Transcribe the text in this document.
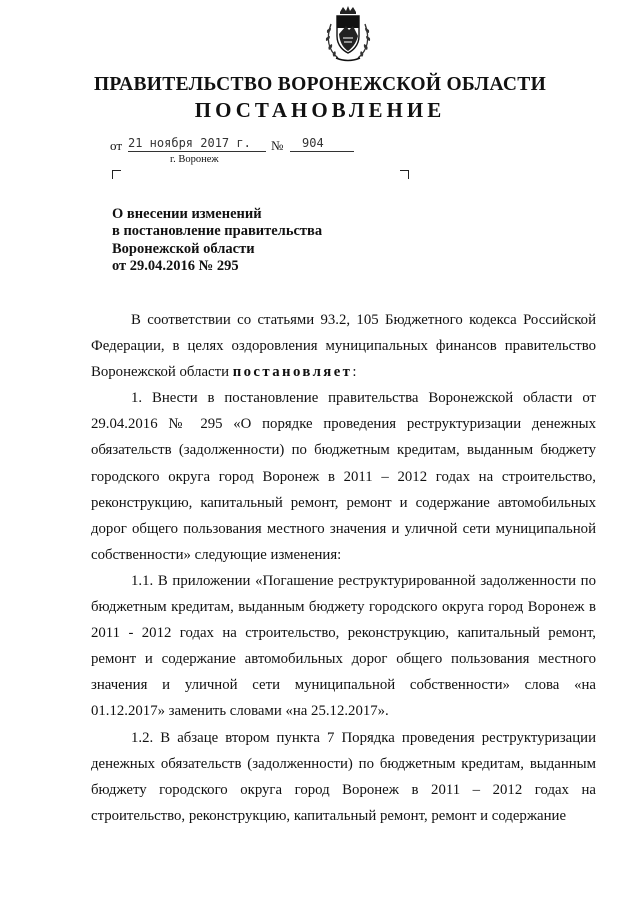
ПРАВИТЕЛЬСТВО ВОРОНЕЖСКОЙ ОБЛАСТИ
ПОСТАНОВЛЕНИЕ
от 21 ноября 2017 г. № 904
г. Воронеж
О внесении изменений
в постановление правительства
Воронежской области
от 29.04.2016 № 295

В соответствии со статьями 93.2, 105 Бюджетного кодекса Российской Федерации, в целях оздоровления муниципальных финансов правительство Воронежской области постановляет:

1. Внести в постановление правительства Воронежской области от 29.04.2016 № 295 «О порядке проведения реструктуризации денежных обязательств (задолженности) по бюджетным кредитам, выданным бюджету городского округа город Воронеж в 2011 – 2012 годах на строительство, реконструкцию, капитальный ремонт, ремонт и содержание автомобильных дорог общего пользования местного значения и уличной сети муниципальной собственности» следующие изменения:

1.1. В приложении «Погашение реструктурированной задолженности по бюджетным кредитам, выданным бюджету городского округа город Воронеж в 2011 - 2012 годах на строительство, реконструкцию, капитальный ремонт, ремонт и содержание автомобильных дорог общего пользования местного значения и уличной сети муниципальной собственности» слова «на 01.12.2017» заменить словами «на 25.12.2017».

1.2. В абзаце втором пункта 7 Порядка проведения реструктуризации денежных обязательств (задолженности) по бюджетным кредитам, выданным бюджету городского округа город Воронеж в 2011 – 2012 годах на строительство, реконструкцию, капитальный ремонт, ремонт и содержание
